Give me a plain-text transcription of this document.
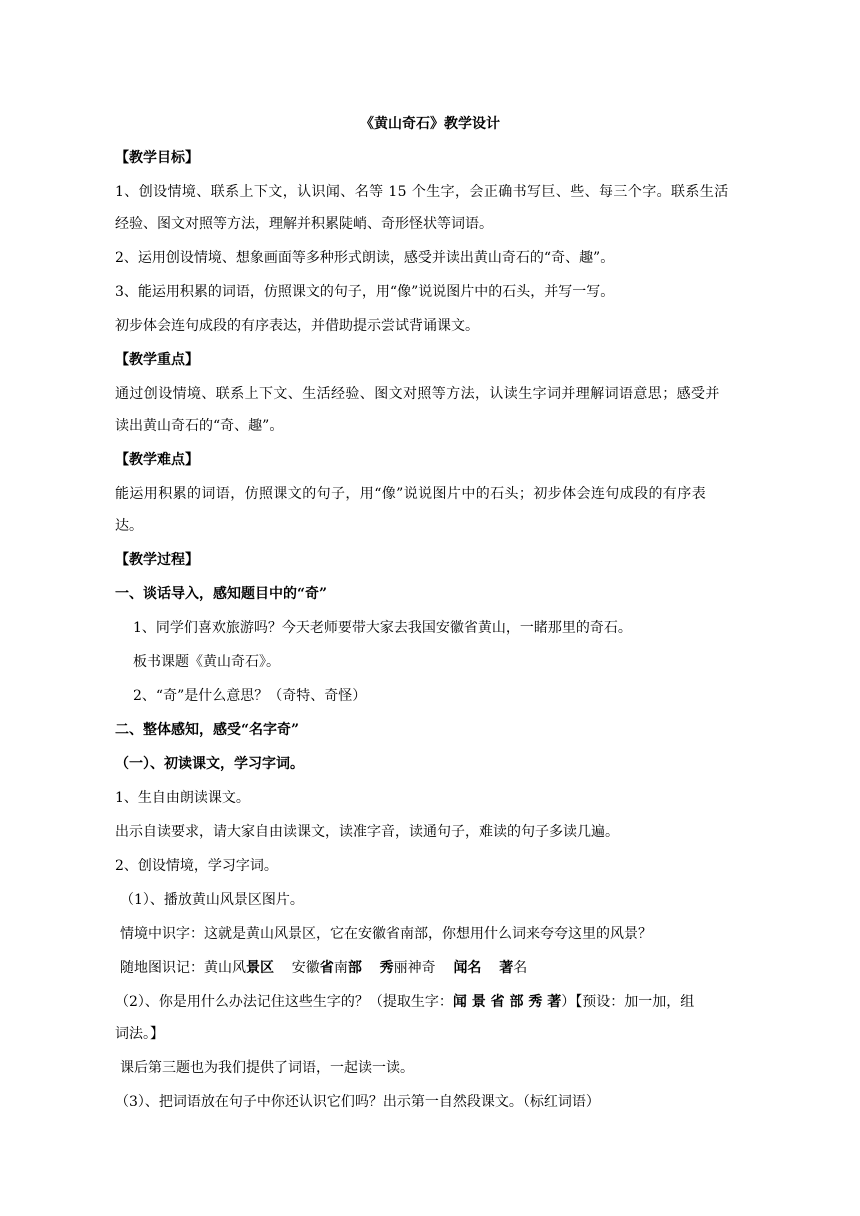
《黄山奇石》教学设计
【教学目标】
1、创设情境、联系上下文，认识闻、名等 15 个生字，会正确书写巨、些、每三个字。联系生活
经验、图文对照等方法，理解并积累陡峭、奇形怪状等词语。
2、运用创设情境、想象画面等多种形式朗读，感受并读出黄山奇石的“奇、趣”。
3、能运用积累的词语，仿照课文的句子，用“像”说说图片中的石头，并写一写。
初步体会连句成段的有序表达，并借助提示尝试背诵课文。
【教学重点】
通过创设情境、联系上下文、生活经验、图文对照等方法，认读生字词并理解词语意思；感受并
读出黄山奇石的“奇、趣”。
【教学难点】
能运用积累的词语，仿照课文的句子，用“像”说说图片中的石头；初步体会连句成段的有序表
达。
【教学过程】
一、谈话导入，感知题目中的“奇”
1、同学们喜欢旅游吗？今天老师要带大家去我国安徽省黄山，一睹那里的奇石。
板书课题《黄山奇石》。
2、“奇”是什么意思？（奇特、奇怪）
二、整体感知，感受“名字奇”
（一）、初读课文，学习字词。
1、生自由朗读课文。
出示自读要求，请大家自由读课文，读准字音，读通句子，难读的句子多读几遍。
2、创设情境，学习字词。
（1）、播放黄山风景区图片。
情境中识字：这就是黄山风景区，它在安徽省南部，你想用什么词来夸夸这里的风景？
随地图识记：黄山风景区    安徽省南部 秀丽神奇 闻名 著名
（2）、你是用什么办法记住这些生字的？（提取生字：闻 景 省 部 秀 著）【预设：加一加，组
词法。】
课后第三题也为我们提供了词语，一起读一读。
（3）、把词语放在句子中你还认识它们吗？出示第一自然段课文。（标红词语）
